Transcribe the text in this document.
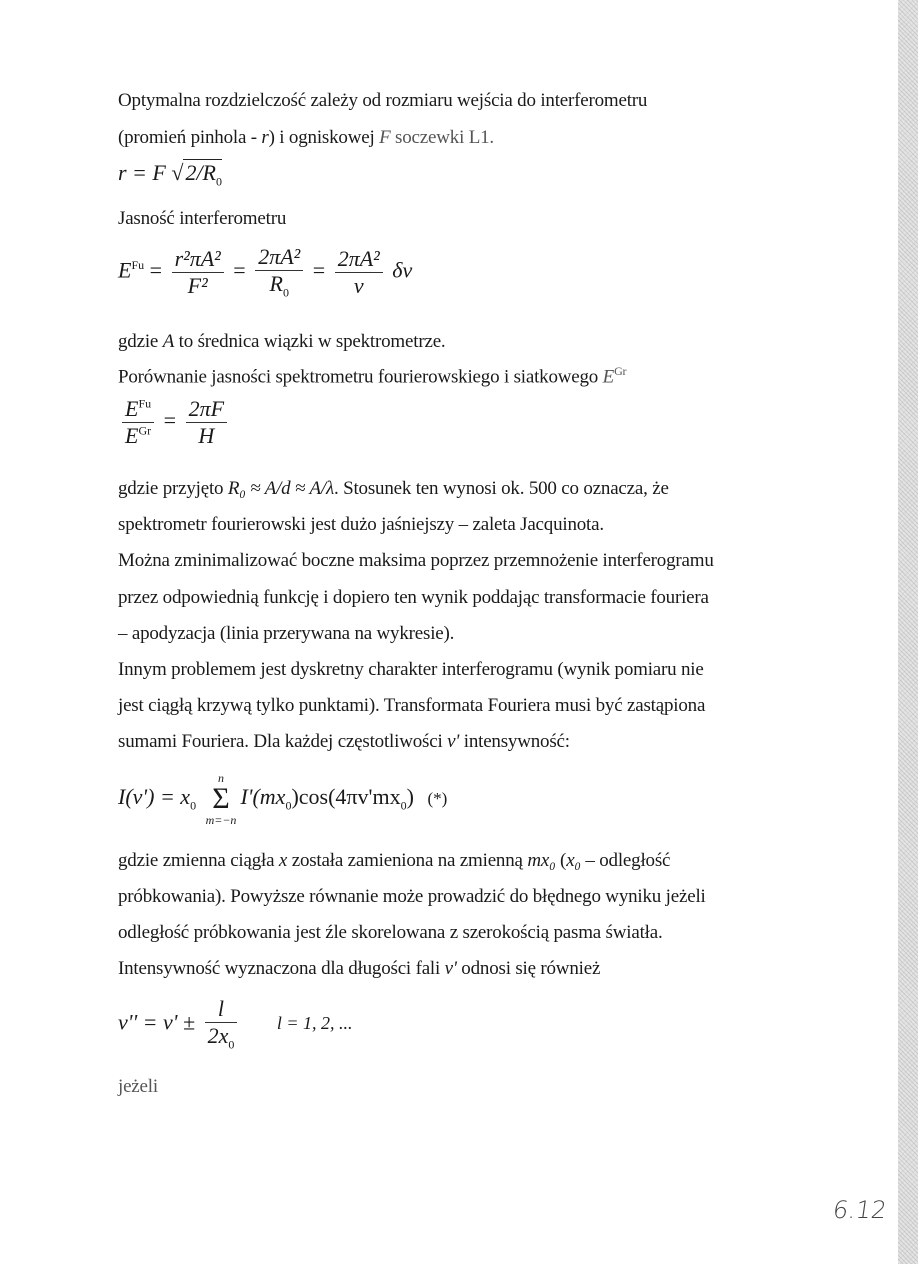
Optymalna rozdzielczość zależy od rozmiaru wejścia do interferometru
(promień pinhola - r) i ogniskowej F soczewki L1.
r = F $√2/R_0$
Jasność interferometru
$E^{Fu} = \frac{\text{r²πA²}}{\text{F²}} = \frac{\text{2πA²}}{R_0} = \frac{\text{2πA²}}{v}$ δv
gdzie A to średnica wiązki w spektrometrze.
Porównanie jasności spektrometru fourierowskiego i siatkowego $E^{Gr}$
$\frac{E^{Fu}}{E^{Gr}} = \frac{2\pi F}{H}$
gdzie przyjęto R₀ ≈ A/d ≈ A/λ. Stosunek ten wynosi ok. 500 co oznacza, że
spektrometr fourierowski jest dużo jaśniejszy – zaleta Jacquinota.
Można zminimalizować boczne maksima poprzez przemnożenie interferogramu
przez odpowiednią funkcję i dopiero ten wynik poddając transformacie fouriera
– apodyzacja (linia przerywana na wykresie).
Innym problemem jest dyskretny charakter interferogramu (wynik pomiaru nie
jest ciągłą krzywą tylko punktami). Transformata Fouriera musi być zastąpiona
sumami Fouriera. Dla każdej częstotliwości v' intensywność:
$I(v') = x_0$
n
Σ
m=−n
$I'(mx_0)\cos(4\pi v'mx_0)$ (*)
gdzie zmienna ciągła x została zamieniona na zmienną mx₀ (x₀ – odległość
próbkowania). Powyższe równanie może prowadzić do błędnego wyniku jeżeli
odległość próbkowania jest źle skorelowana z szerokością pasma światła.
Intensywność wyznaczona dla długości fali v' odnosi się również
$v'' = v' \pm \frac{l}{2x_0}$ l = 1, 2, ...
jeżeli
6.12
